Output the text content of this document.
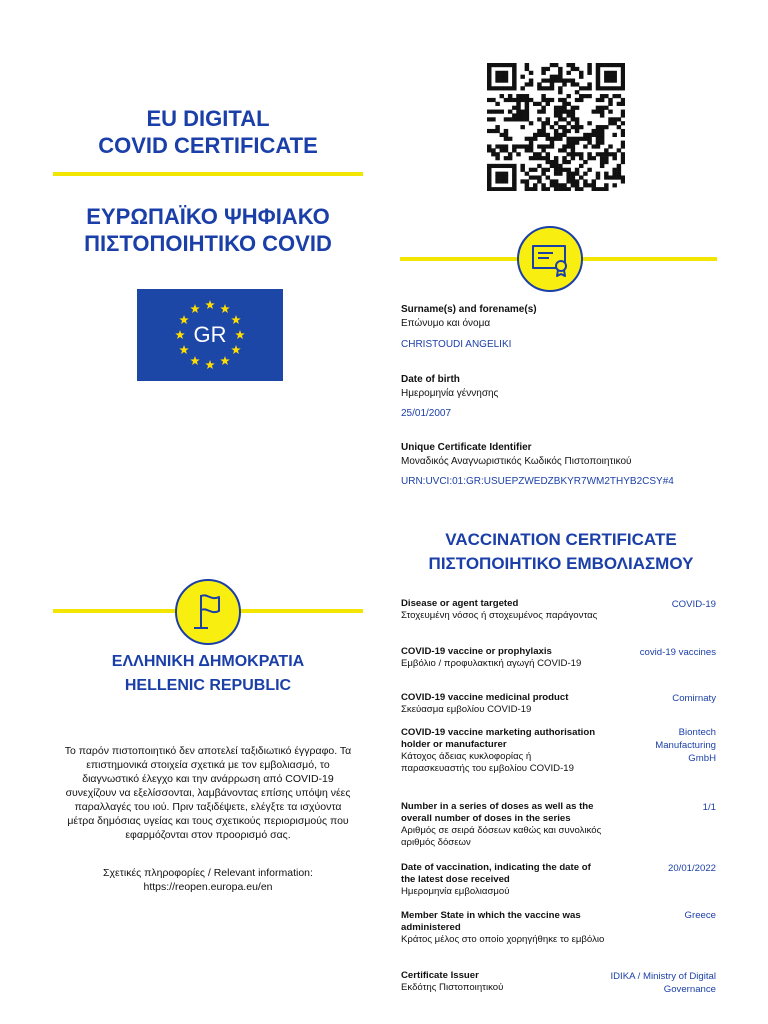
EU DIGITAL
COVID CERTIFICATE
ΕΥΡΩΠΑΪΚΟ ΨΗΦΙΑΚΟ
ΠΙΣΤΟΠΟΙΗΤΙΚΟ COVID
GR
ΕΛΛΗΝΙΚΗ ΔΗΜΟΚΡΑΤΙΑ
HELLENIC REPUBLIC
Το παρόν πιστοποιητικό δεν αποτελεί ταξιδιωτικό έγγραφο. Τα επιστημονικά στοιχεία σχετικά με τον εμβολιασμό, το διαγνωστικό έλεγχο και την ανάρρωση από COVID-19 συνεχίζουν να εξελίσσονται, λαμβάνοντας επίσης υπόψη νέες παραλλαγές του ιού. Πριν ταξιδέψετε, ελέγξτε τα ισχύοντα μέτρα δημόσιας υγείας και τους σχετικούς περιορισμούς που εφαρμόζονται στον προορισμό σας.
Σχετικές πληροφορίες / Relevant information:
https://reopen.europa.eu/en
Surname(s) and forename(s)
Επώνυμο και όνομα
CHRISTOUDI ANGELIKI
Date of birth
Ημερομηνία γέννησης
25/01/2007
Unique Certificate Identifier
Μοναδικός Αναγνωριστικός Κωδικός Πιστοποιητικού
URN:UVCI:01:GR:USUEPZWEDZBKYR7WM2THYB2CSY#4
VACCINATION CERTIFICATE
ΠΙΣΤΟΠΟΙΗΤΙΚΟ ΕΜΒΟΛΙΑΣΜΟΥ
Disease or agent targeted
Στοχευμένη νόσος ή στοχευμένος παράγοντας
COVID-19
COVID-19 vaccine or prophylaxis
Εμβόλιο / προφυλακτική αγωγή COVID-19
covid-19 vaccines
COVID-19 vaccine medicinal product
Σκεύασμα εμβολίου COVID-19
Comirnaty
COVID-19 vaccine marketing authorisation holder or manufacturer
Κάτοχος άδειας κυκλοφορίας ή παρασκευαστής του εμβολίου COVID-19
Biontech Manufacturing GmbH
Number in a series of doses as well as the overall number of doses in the series
Αριθμός σε σειρά δόσεων καθώς και συνολικός αριθμός δόσεων
1/1
Date of vaccination, indicating the date of the latest dose received
Ημερομηνία εμβολιασμού
20/01/2022
Member State in which the vaccine was administered
Κράτος μέλος στο οποίο χορηγήθηκε το εμβόλιο
Greece
Certificate Issuer
Εκδότης Πιστοποιητικού
IDIKA / Ministry of Digital Governance
